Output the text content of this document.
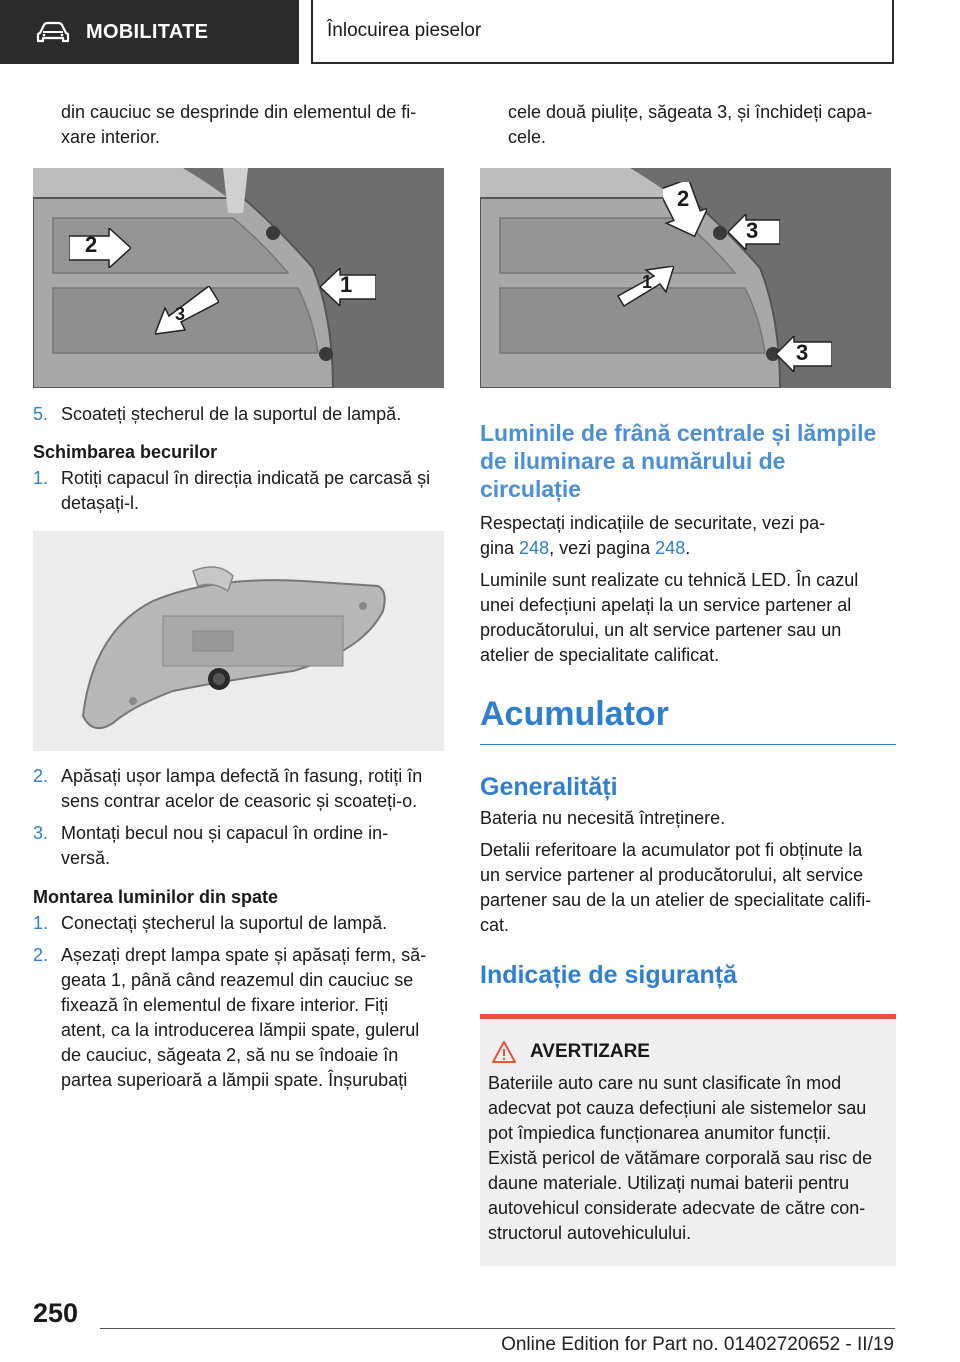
MOBILITATE	Înlocuirea pieselor

din cauciuc se desprinde din elementul de fi-

xare interior.

2
1
3
5. Scoateți ștecherul de la suportul de lampă.
Schimbarea becurilor
1. Rotiți capacul în direcția indicată pe carcasă și
detașați-l.
2. Apăsați ușor lampa defectă în fasung, rotiți în
sens contrar acelor de ceasoric și scoateți-o.
3. Montați becul nou și capacul în ordine in-
versă.
Montarea luminilor din spate
1. Conectați ștecherul la suportul de lampă.
2. Așezați drept lampa spate și apăsați ferm, să-
geata 1, până când reazemul din cauciuc se
fixează în elementul de fixare interior. Fiți
atent, ca la introducerea lămpii spate, gulerul
de cauciuc, săgeata 2, să nu se îndoaie în
partea superioară a lămpii spate. Înșurubați

cele două piulițe, săgeata 3, și închideți capa-

cele.

2
3
1
3
Luminile de frână centrale și lămpile
de iluminare a numărului de
circulație

Respectați indicațiile de securitate, vezi pa-

gina 248, vezi pagina 248.

Luminile sunt realizate cu tehnică LED. În cazul
unei defecțiuni apelați la un service partener al
producătorului, un alt service partener sau un
atelier de specialitate calificat.

Acumulator
Generalități

Bateria nu necesită întreținere.

Detalii referitoare la acumulator pot fi obținute la
un service partener al producătorului, alt service
partener sau de la un atelier de specialitate califi-
cat.

Indicație de siguranță
AVERTIZARE

Bateriile auto care nu sunt clasificate în mod
adecvat pot cauza defecțiuni ale sistemelor sau
pot împiedica funcționarea anumitor funcții.
Există pericol de vătămare corporală sau risc de
daune materiale. Utilizați numai baterii pentru
autovehicul considerate adecvate de către con-
structorul autovehiculului.

250
Online Edition for Part no. 01402720652 - II/19
